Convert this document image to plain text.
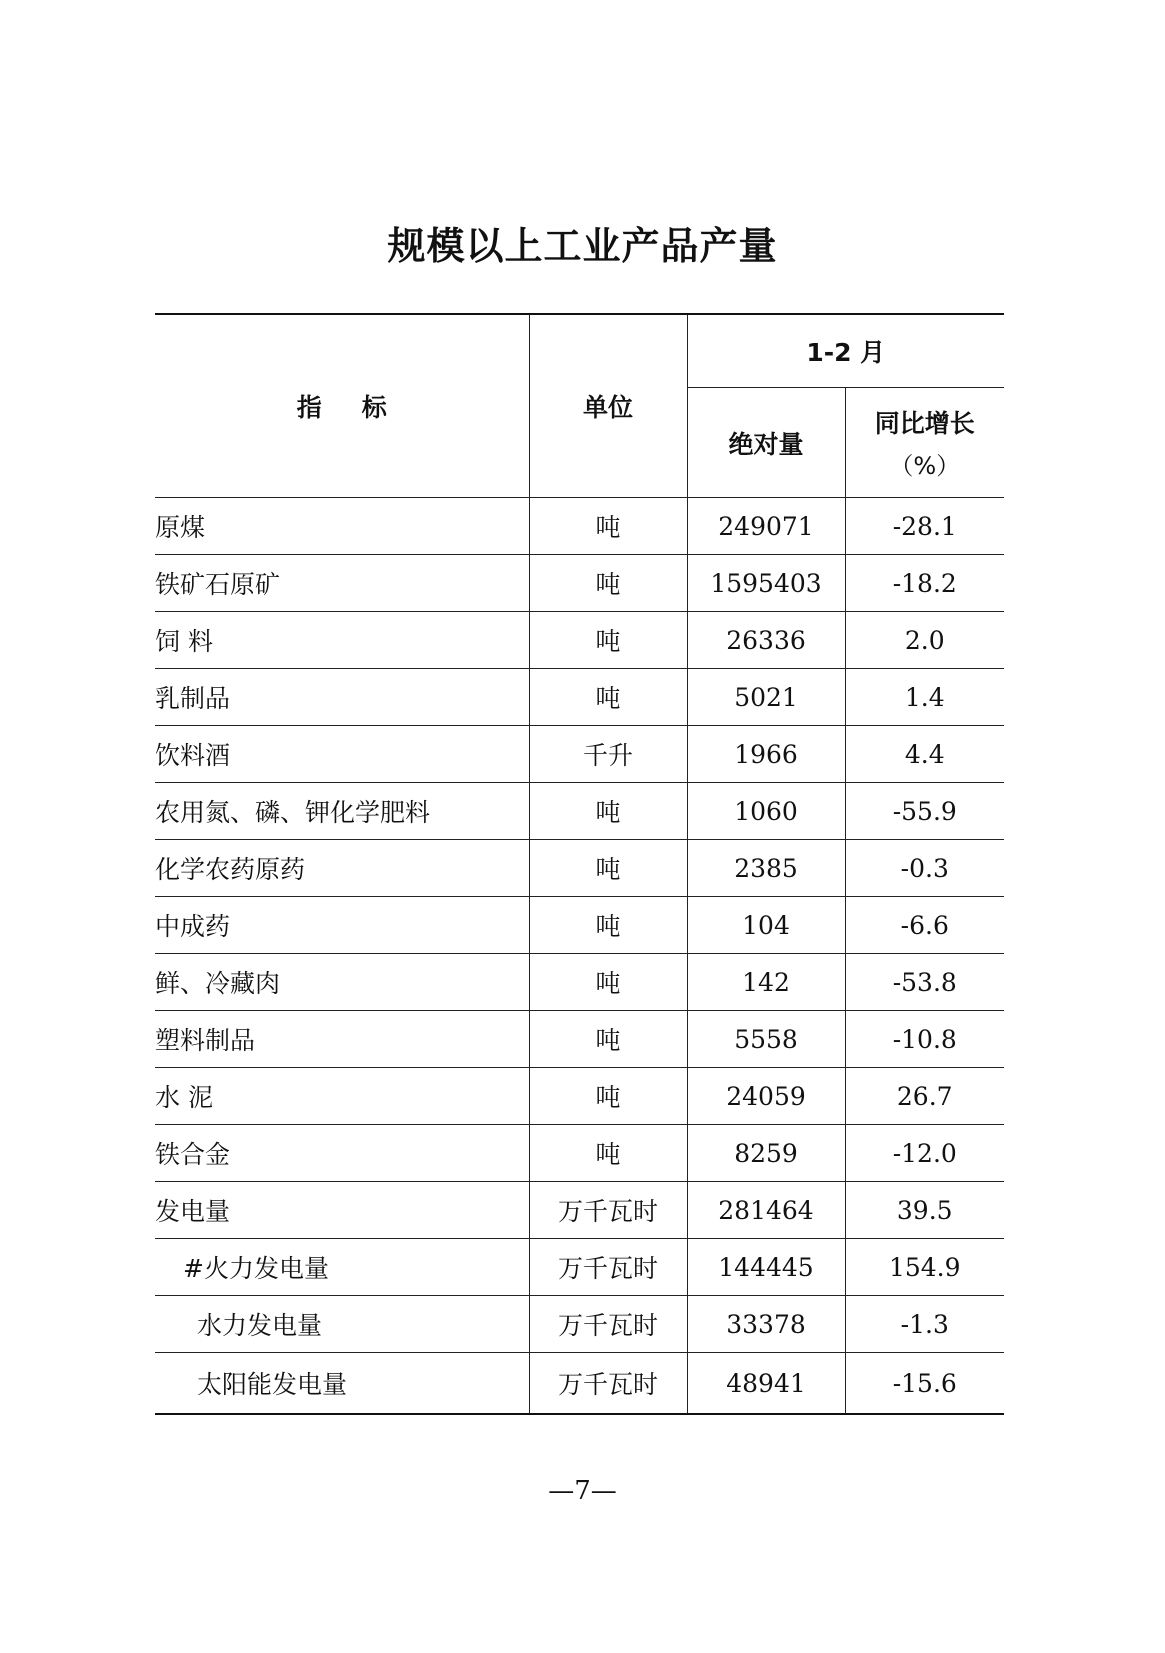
规模以上工业产品产量
指标	单位	1-2 月	
		绝对量	同比增长
（%）

原煤	吨	249071	-28.1
铁矿石原矿	吨	1595403	-18.2
饲 料	吨	26336	2.0
乳制品	吨	5021	1.4
饮料酒	千升	1966	4.4
农用氮、磷、钾化学肥料	吨	1060	-55.9
化学农药原药	吨	2385	-0.3
中成药	吨	104	-6.6
鲜、冷藏肉	吨	142	-53.8
塑料制品	吨	5558	-10.8
水 泥	吨	24059	26.7
铁合金	吨	8259	-12.0
发电量	万千瓦时	281464	39.5
#火力发电量	万千瓦时	144445	154.9
水力发电量	万千瓦时	33378	-1.3
太阳能发电量	万千瓦时	48941	-15.6
—7—
